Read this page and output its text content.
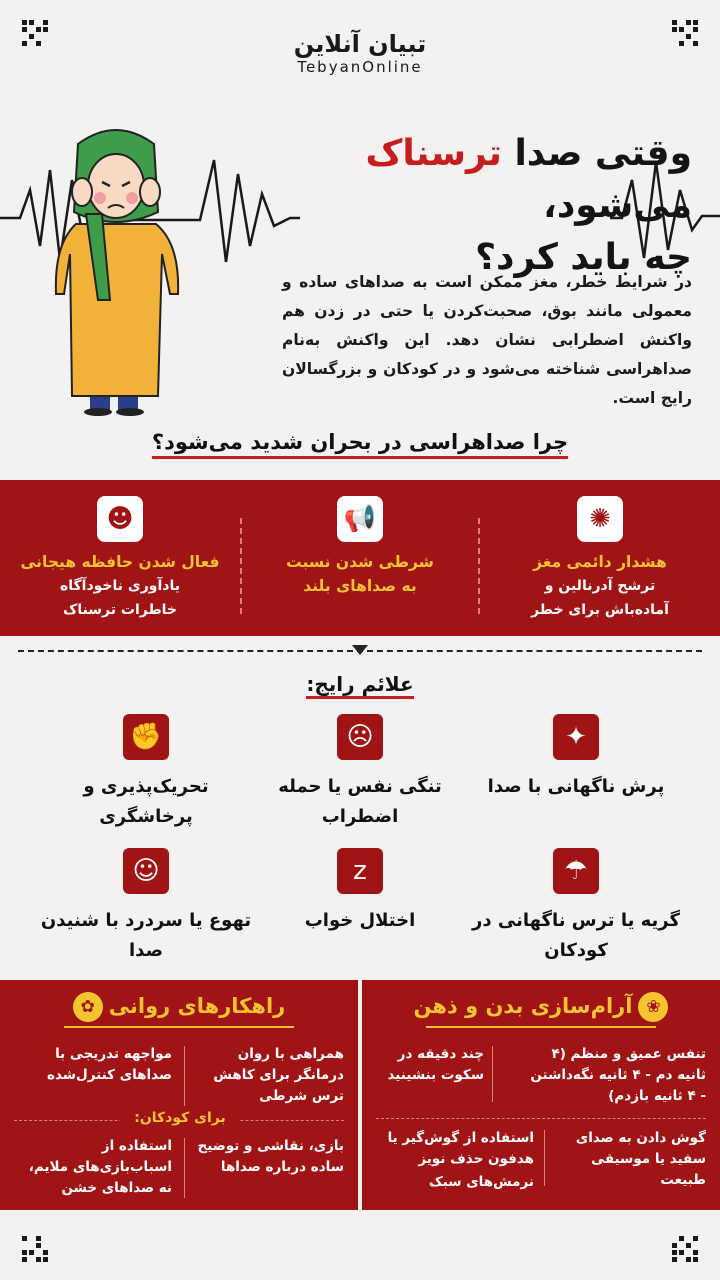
تبیان آنلاین
TebyanOnline
وقتی صدا ترسناک می‌شود،
چه باید کرد؟
در شرایط خطر، مغز ممکن است به صداهای ساده و معمولی مانند بوق، صحبت‌کردن یا حتی در زدن هم واکنش اضطرابی نشان دهد. این واکنش به‌نام صداهراسی شناخته می‌شود و در کودکان و بزرگسالان رایج است.
چرا صداهراسی در بحران شدید می‌شود؟
✺
هشدار دائمی مغز
ترشح آدرنالین و
آماده‌باش برای خطر
📢
شرطی شدن نسبت
به صداهای بلند
☻
فعال شدن حافظه هیجانی
یادآوری ناخودآگاه
خاطرات ترسناک
علائم رایج:
✦
پرش ناگهانی با صدا
☹
تنگی نفس یا حمله اضطراب
✊
تحریک‌پذیری و پرخاشگری
☂
گریه یا ترس ناگهانی در کودکان
z
اختلال خواب
☺
تهوع یا سردرد با شنیدن صدا
❀آرام‌سازی بدن و ذهن
تنفس عمیق و منظم (۴ ثانیه دم - ۴ ثانیه نگه‌داشتن - ۴ ثانیه بازدم)
چند دقیقه در سکوت بنشینید
گوش دادن به صدای سفید یا موسیقی طبیعت
استفاده از گوش‌گیر یا هدفون حذف نویز
نرمش‌های سبک
راهکارهای روانی✿
همراهی با روان درمانگر برای کاهش ترس شرطی
مواجهه تدریجی با صداهای کنترل‌شده
برای کودکان:
بازی، نقاشی و توضیح ساده درباره صداها
استفاده از اسباب‌بازی‌های ملایم، نه صداهای خشن
